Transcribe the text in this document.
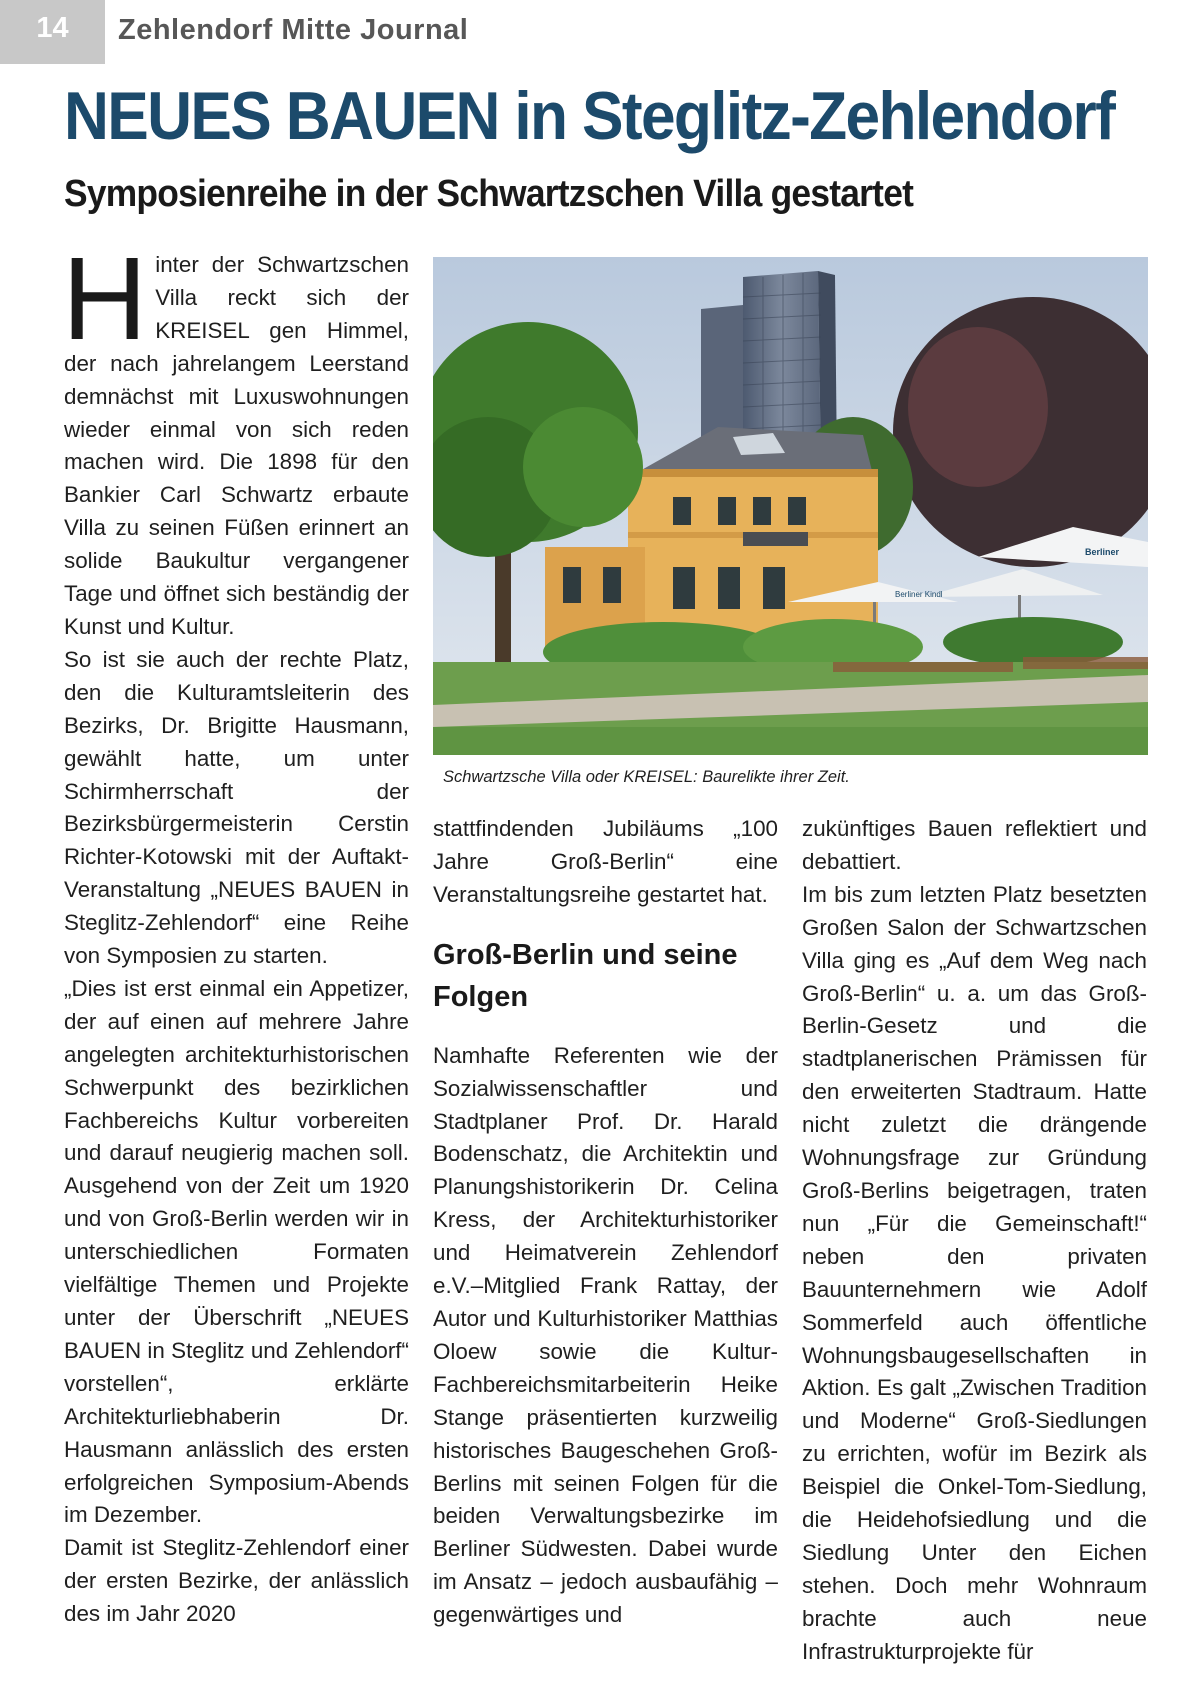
14	Zehlendorf Mitte Journal
NEUES BAUEN in Steglitz-Zehlendorf
Symposienreihe in der Schwartzschen Villa gestartet

Hinter der Schwartzschen Villa reckt sich der KREISEL gen Himmel, der nach jahrelangem Leerstand demnächst mit Luxuswohnungen wieder einmal von sich reden machen wird. Die 1898 für den Bankier Carl Schwartz erbaute Villa zu seinen Füßen erinnert an solide Baukultur vergangener Tage und öffnet sich beständig der Kunst und Kultur.

So ist sie auch der rechte Platz, den die Kulturamtsleiterin des Bezirks, Dr. Brigitte Hausmann, gewählt hatte, um unter Schirmherrschaft der Bezirksbürgermeisterin Cerstin Richter-Kotowski mit der Auftakt-Veranstaltung „NEUES BAUEN in Steglitz-Zehlendorf“ eine Reihe von Symposien zu starten.

„Dies ist erst einmal ein Appetizer, der auf einen auf mehrere Jahre angelegten architekturhistorischen Schwerpunkt des bezirklichen Fachbereichs Kultur vorbereiten und darauf neugierig machen soll. Ausgehend von der Zeit um 1920 und von Groß-Berlin werden wir in unterschiedlichen Formaten vielfältige Themen und Projekte unter der Überschrift „NEUES BAUEN in Steglitz und Zehlendorf“ vorstellen“, erklärte Architekturliebhaberin Dr. Hausmann anlässlich des ersten erfolgreichen Symposium-Abends im Dezember.

Damit ist Steglitz-Zehlendorf einer der ersten Bezirke, der anlässlich des im Jahr 2020

Berliner Kindl
Berliner
Schwartzsche Villa oder KREISEL: Baurelikte ihrer Zeit.

stattfindenden Jubiläums „100 Jahre Groß-Berlin“ eine Veranstaltungsreihe gestartet hat.

Groß-Berlin und seine Folgen

Namhafte Referenten wie der Sozialwissenschaftler und Stadtplaner Prof. Dr. Harald Bodenschatz, die Architektin und Planungshistorikerin Dr. Celina Kress, der Architekturhistoriker und Heimatverein Zehlendorf e.V.–Mitglied Frank Rattay, der Autor und Kulturhistoriker Matthias Oloew sowie die Kultur-Fachbereichsmitarbeiterin Heike Stange präsentierten kurzweilig historisches Baugeschehen Groß-Berlins mit seinen Folgen für die beiden Verwaltungsbezirke im Berliner Südwesten. Dabei wurde im Ansatz – jedoch ausbaufähig – gegenwärtiges und

zukünftiges Bauen reflektiert und debattiert.

Im bis zum letzten Platz besetzten Großen Salon der Schwartzschen Villa ging es „Auf dem Weg nach Groß-Berlin“ u. a. um das Groß-Berlin-Gesetz und die stadtplanerischen Prämissen für den erweiterten Stadtraum. Hatte nicht zuletzt die drängende Wohnungsfrage zur Gründung Groß-Berlins beigetragen, traten nun „Für die Gemeinschaft!“ neben den privaten Bauunternehmern wie Adolf Sommerfeld auch öffentliche Wohnungsbaugesellschaften in Aktion. Es galt „Zwischen Tradition und Moderne“ Groß-Siedlungen zu errichten, wofür im Bezirk als Beispiel die Onkel-Tom-Siedlung, die Heidehofsiedlung und die Siedlung Unter den Eichen stehen. Doch mehr Wohnraum brachte auch neue Infrastrukturprojekte für
